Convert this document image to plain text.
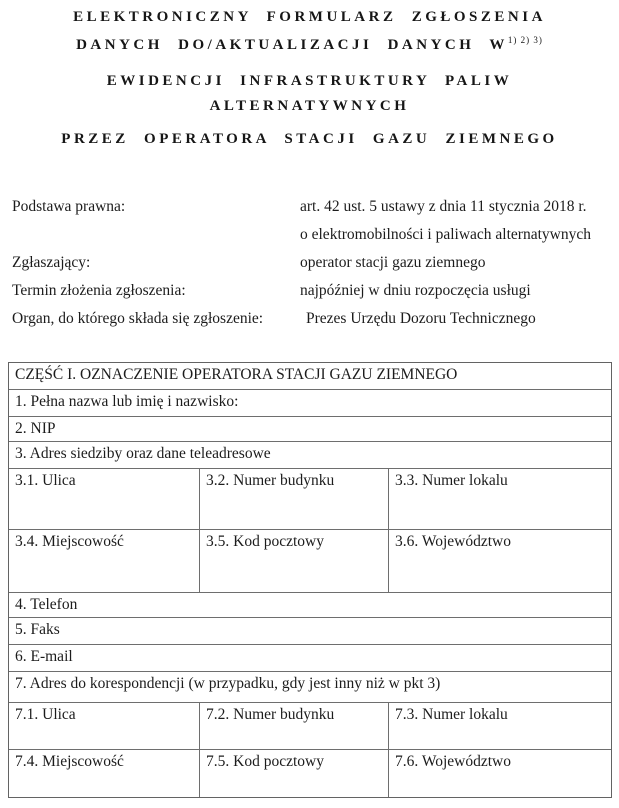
ELEKTRONICZNY FORMULARZ ZGŁOSZENIA
DANYCH DO/AKTUALIZACJI DANYCH $W^{1) 2) 3)}$

EWIDENCJI INFRASTRUKTURY PALIW
ALTERNATYWNYCH

PRZEZ OPERATORA STACJI GAZU ZIEMNEGO

Podstawa prawna:	art. 42 ust. 5 ustawy z dnia 11 stycznia 2018 r.
o elektromobilności i paliwach alternatywnych
Zgłaszający:	operator stacji gazu ziemnego
Termin złożenia zgłoszenia:	najpóźniej w dniu rozpoczęcia usługi
Organ, do którego składa się zgłoszenie:	Prezes Urzędu Dozoru Technicznego
CZĘŚĆ I. OZNACZENIE OPERATORA STACJI GAZU ZIEMNEGO
1. Pełna nazwa lub imię i nazwisko:
2. NIP
3. Adres siedziby oraz dane teleadresowe
3.1. Ulica	3.2. Numer budynku	3.3. Numer lokalu
3.4. Miejscowość	3.5. Kod pocztowy	3.6. Województwo
4. Telefon
5. Faks
6. E-mail
7. Adres do korespondencji (w przypadku, gdy jest inny niż w pkt 3)
7.1. Ulica	7.2. Numer budynku	7.3. Numer lokalu
7.4. Miejscowość	7.5. Kod pocztowy	7.6. Województwo
